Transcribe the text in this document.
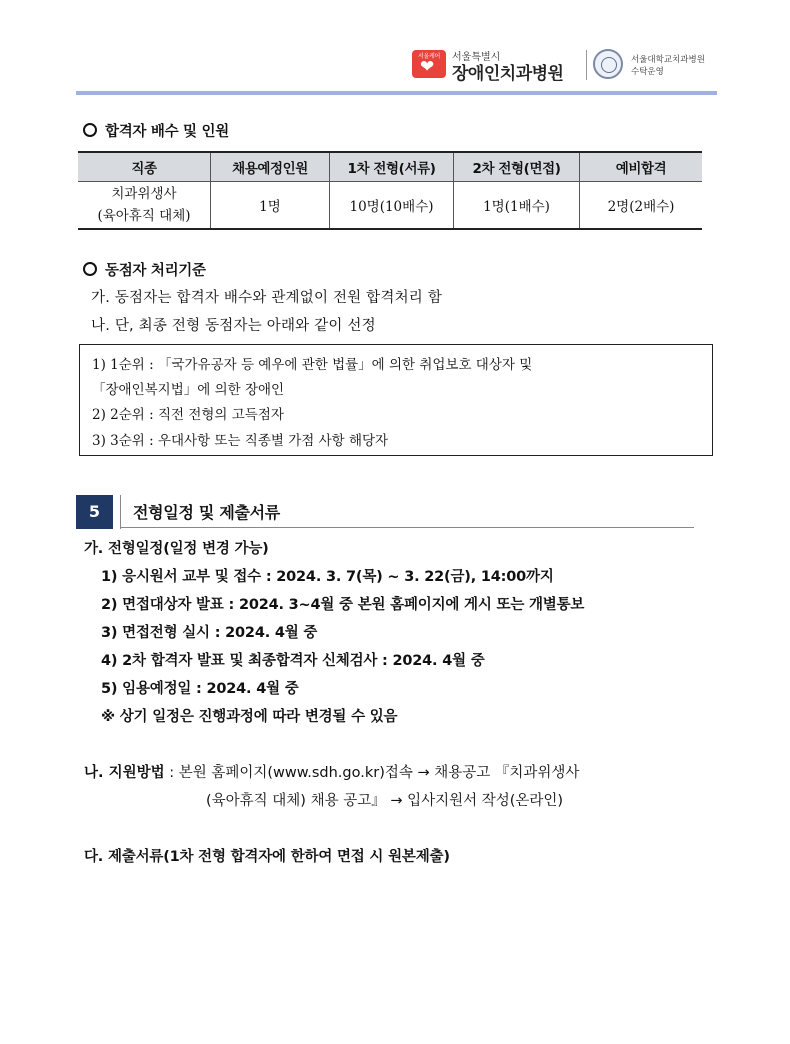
서울케어
❤ 서울특별시
장애인치과병원
서울대학교치과병원
수탁운영
합격자 배수 및 인원
직종	채용예정인원	1차 전형(서류)	2차 전형(면접)	예비합격

치과위생사
(육아휴직 대체)	1명	10명(10배수)	1명(1배수)	2명(2배수)
동점자 처리기준
가. 동점자는 합격자 배수와 관계없이 전원 합격처리 함
나. 단, 최종 전형 동점자는 아래와 같이 선정
1) 1순위 : 「국가유공자 등 예우에 관한 법률」에 의한 취업보호 대상자 및
「장애인복지법」에 의한 장애인
2) 2순위 : 직전 전형의 고득점자
3) 3순위 : 우대사항 또는 직종별 가점 사항 해당자
5	전형일정 및 제출서류
가. 전형일정(일정 변경 가능)
1) 응시원서 교부 및 접수 : 2024. 3. 7(목) ~ 3. 22(금), 14:00까지
2) 면접대상자 발표 : 2024. 3~4월 중 본원 홈페이지에 게시 또는 개별통보
3) 면접전형 실시 : 2024. 4월 중
4) 2차 합격자 발표 및 최종합격자 신체검사 : 2024. 4월 중
5) 임용예정일 : 2024. 4월 중
※ 상기 일정은 진행과정에 따라 변경될 수 있음
나. 지원방법 : 본원 홈페이지(www.sdh.go.kr)접속 → 채용공고 『치과위생사
(육아휴직 대체) 채용 공고』 → 입사지원서 작성(온라인)
다. 제출서류(1차 전형 합격자에 한하여 면접 시 원본제출)
